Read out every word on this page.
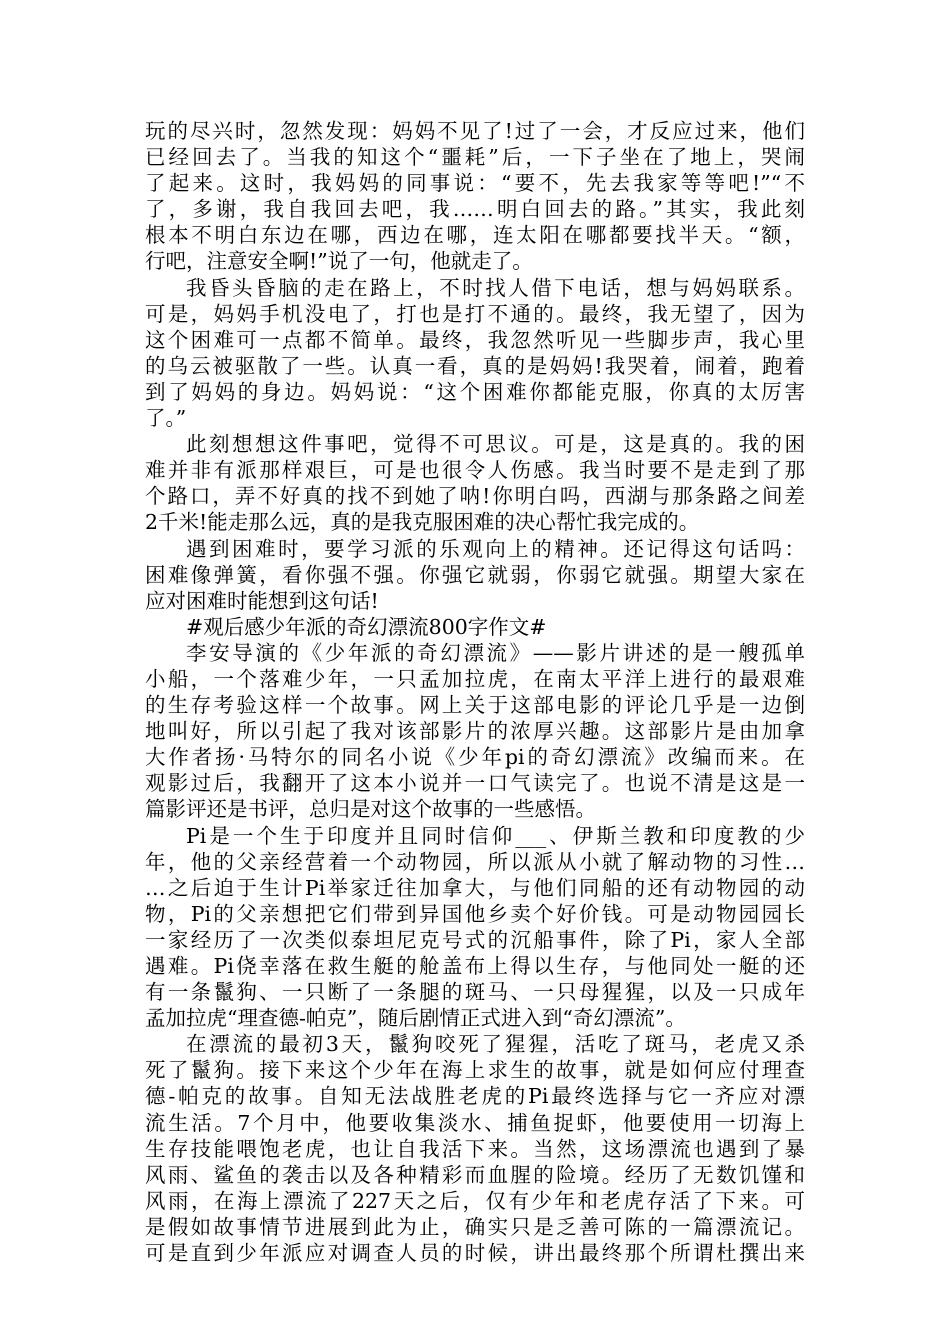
玩的尽兴时，忽然发现：妈妈不见了!过了一会，才反应过来，他们
已经回去了。当我的知这个“噩耗”后，一下子坐在了地上，哭闹
了起来。这时，我妈妈的同事说：“要不，先去我家等等吧!”“不
了，多谢，我自我回去吧，我……明白回去的路。”其实，我此刻
根本不明白东边在哪，西边在哪，连太阳在哪都要找半天。“额，
行吧，注意安全啊!”说了一句，他就走了。
我昏头昏脑的走在路上，不时找人借下电话，想与妈妈联系。
可是，妈妈手机没电了，打也是打不通的。最终，我无望了，因为
这个困难可一点都不简单。最终，我忽然听见一些脚步声，我心里
的乌云被驱散了一些。认真一看，真的是妈妈!我哭着，闹着，跑着
到了妈妈的身边。妈妈说：“这个困难你都能克服，你真的太厉害
了。”
此刻想想这件事吧，觉得不可思议。可是，这是真的。我的困
难并非有派那样艰巨，可是也很令人伤感。我当时要不是走到了那
个路口，弄不好真的找不到她了呐!你明白吗，西湖与那条路之间差
2千米!能走那么远，真的是我克服困难的决心帮忙我完成的。
遇到困难时，要学习派的乐观向上的精神。还记得这句话吗：
困难像弹簧，看你强不强。你强它就弱，你弱它就强。期望大家在
应对困难时能想到这句话!
#观后感少年派的奇幻漂流800字作文#
李安导演的《少年派的奇幻漂流》——影片讲述的是一艘孤单
小船，一个落难少年，一只孟加拉虎，在南太平洋上进行的最艰难
的生存考验这样一个故事。网上关于这部电影的评论几乎是一边倒
地叫好，所以引起了我对该部影片的浓厚兴趣。这部影片是由加拿
大作者扬·马特尔的同名小说《少年pi的奇幻漂流》改编而来。在
观影过后，我翻开了这本小说并一口气读完了。也说不清是这是一
篇影评还是书评，总归是对这个故事的一些感悟。
Pi是一个生于印度并且同时信仰___、伊斯兰教和印度教的少
年，他的父亲经营着一个动物园，所以派从小就了解动物的习性…
…之后迫于生计Pi举家迁往加拿大，与他们同船的还有动物园的动
物，Pi的父亲想把它们带到异国他乡卖个好价钱。可是动物园园长
一家经历了一次类似泰坦尼克号式的沉船事件，除了Pi，家人全部
遇难。Pi侥幸落在救生艇的舱盖布上得以生存，与他同处一艇的还
有一条鬣狗、一只断了一条腿的斑马、一只母猩猩，以及一只成年
孟加拉虎“理查德-帕克”，随后剧情正式进入到“奇幻漂流”。
在漂流的最初3天，鬣狗咬死了猩猩，活吃了斑马，老虎又杀
死了鬣狗。接下来这个少年在海上求生的故事，就是如何应付理查
德-帕克的故事。自知无法战胜老虎的Pi最终选择与它一齐应对漂
流生活。7个月中，他要收集淡水、捕鱼捉虾，他要使用一切海上
生存技能喂饱老虎，也让自我活下来。当然，这场漂流也遇到了暴
风雨、鲨鱼的袭击以及各种精彩而血腥的险境。经历了无数饥馑和
风雨，在海上漂流了227天之后，仅有少年和老虎存活了下来。可
是假如故事情节进展到此为止，确实只是乏善可陈的一篇漂流记。
可是直到少年派应对调查人员的时候，讲出最终那个所谓杜撰出来
